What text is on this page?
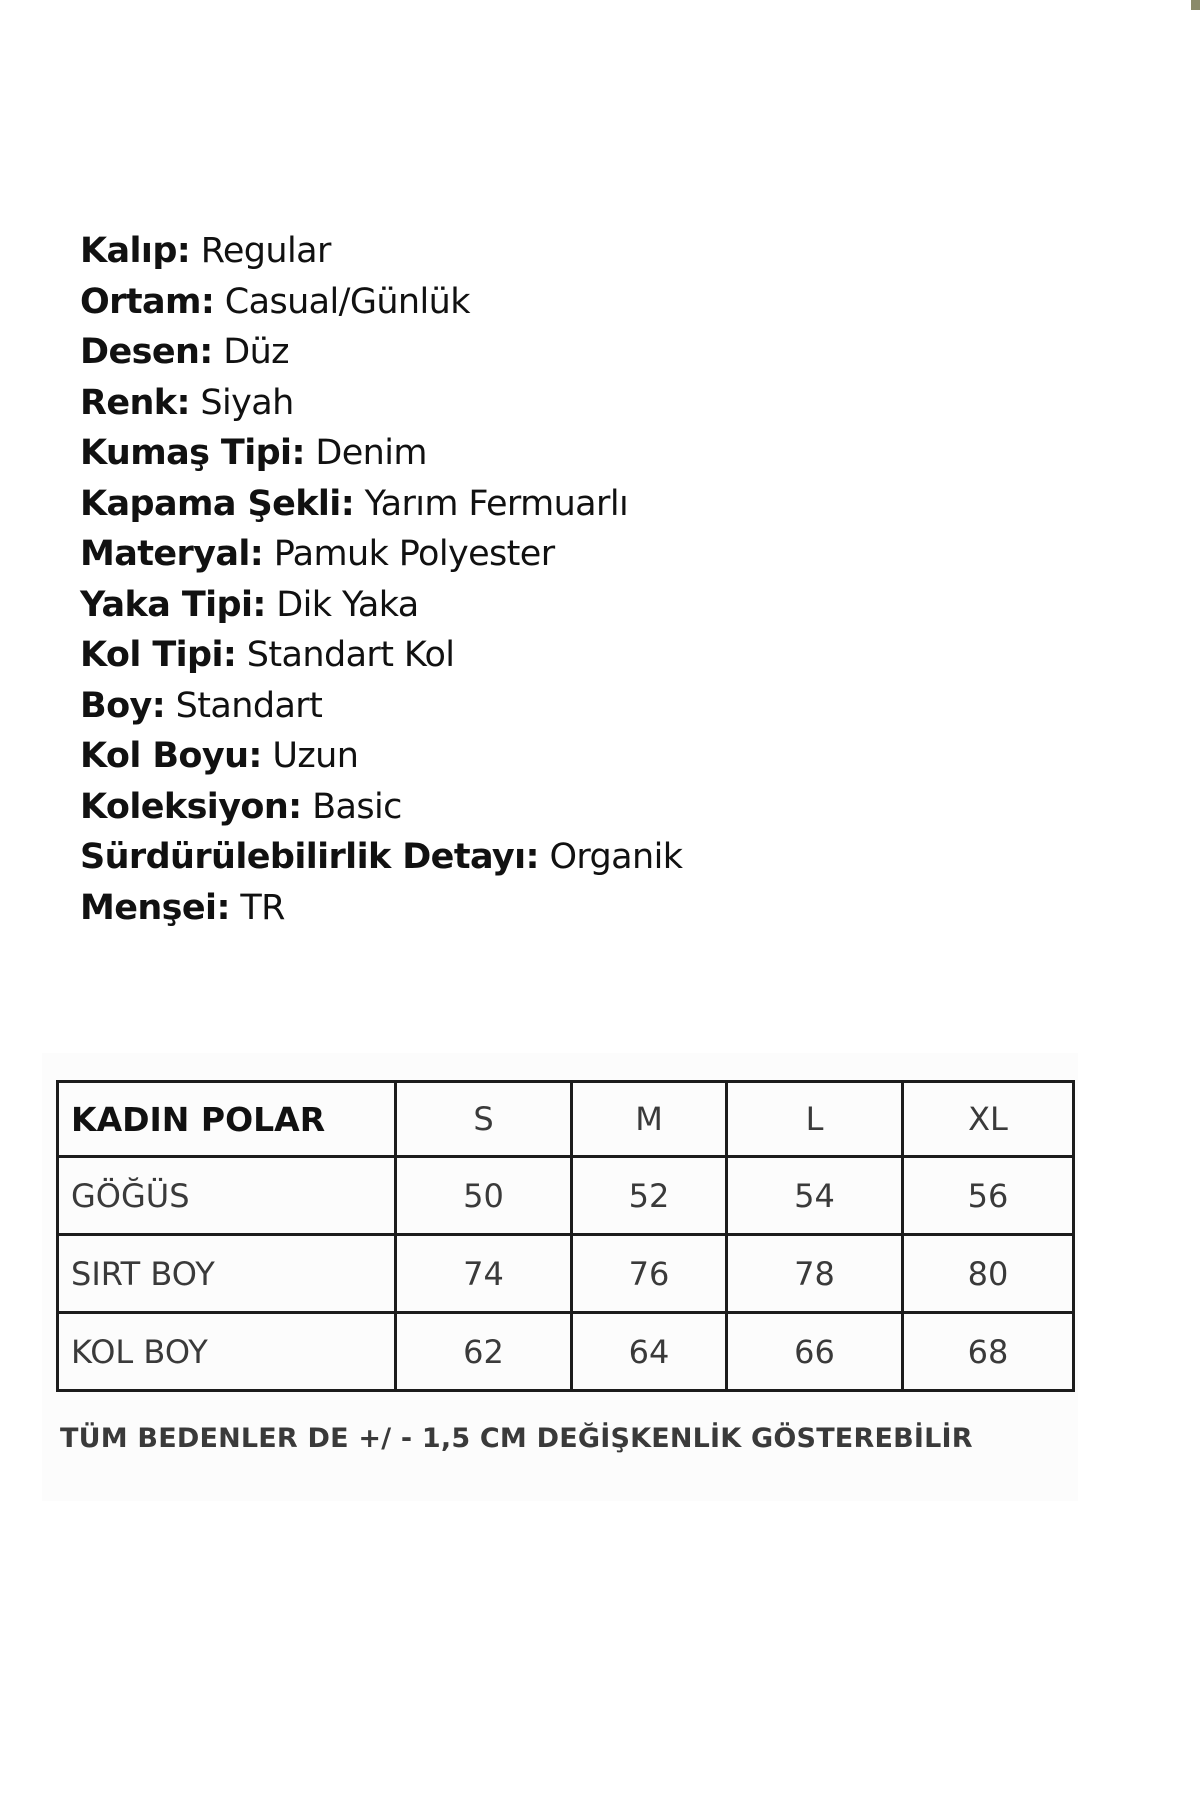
Kalıp: Regular
Ortam: Casual/Günlük
Desen: Düz
Renk: Siyah
Kumaş Tipi: Denim
Kapama Şekli: Yarım Fermuarlı
Materyal: Pamuk Polyester
Yaka Tipi: Dik Yaka
Kol Tipi: Standart Kol
Boy: Standart
Kol Boyu: Uzun
Koleksiyon: Basic
Sürdürülebilirlik Detayı: Organik
Menşei: TR
KADIN POLAR	S	M	L	XL
GÖĞÜS	50	52	54	56
SIRT BOY	74	76	78	80
KOL BOY	62	64	66	68
TÜM BEDENLER DE +/ - 1,5 CM DEĞİŞKENLİK GÖSTEREBİLİR
